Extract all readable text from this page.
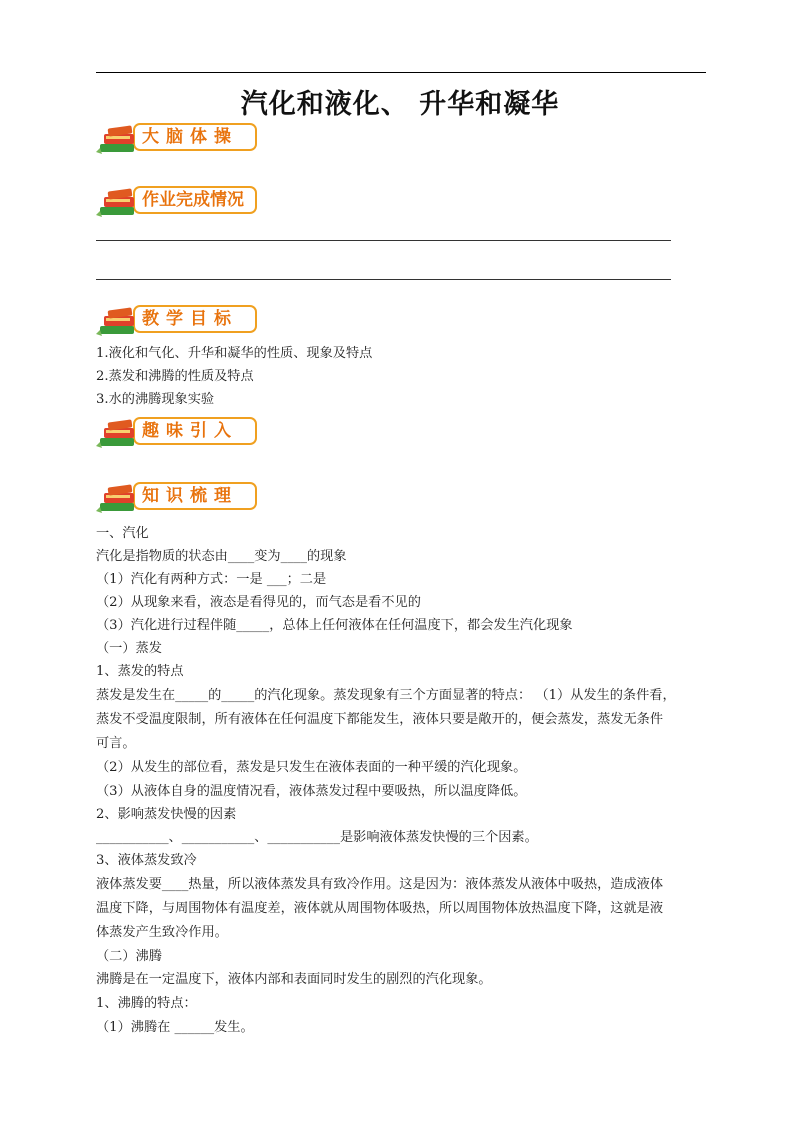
汽化和液化、 升华和凝华
大脑体操
作业完成情况
教学目标
1.液化和气化、升华和凝华的性质、现象及特点
2.蒸发和沸腾的性质及特点
3.水的沸腾现象实验
趣味引入
知识梳理
一、汽化
汽化是指物质的状态由____变为____的现象
（1）汽化有两种方式：一是 ___；二是
（2）从现象来看，液态是看得见的，而气态是看不见的
（3）汽化进行过程伴随_____，总体上任何液体在任何温度下，都会发生汽化现象
（一）蒸发
1、蒸发的特点
蒸发是发生在_____的_____的汽化现象。蒸发现象有三个方面显著的特点： （1）从发生的条件看，
蒸发不受温度限制，所有液体在任何温度下都能发生，液体只要是敞开的，便会蒸发，蒸发无条件
可言。
（2）从发生的部位看，蒸发是只发生在液体表面的一种平缓的汽化现象。
（3）从液体自身的温度情况看，液体蒸发过程中要吸热，所以温度降低。
2、影响蒸发快慢的因素
___________、___________、___________是影响液体蒸发快慢的三个因素。
3、液体蒸发致冷
液体蒸发要____热量，所以液体蒸发具有致冷作用。这是因为：液体蒸发从液体中吸热，造成液体
温度下降，与周围物体有温度差，液体就从周围物体吸热，所以周围物体放热温度下降，这就是液
体蒸发产生致冷作用。
（二）沸腾
沸腾是在一定温度下，液体内部和表面同时发生的剧烈的汽化现象。
1、沸腾的特点：
（1）沸腾在 ______发生。
